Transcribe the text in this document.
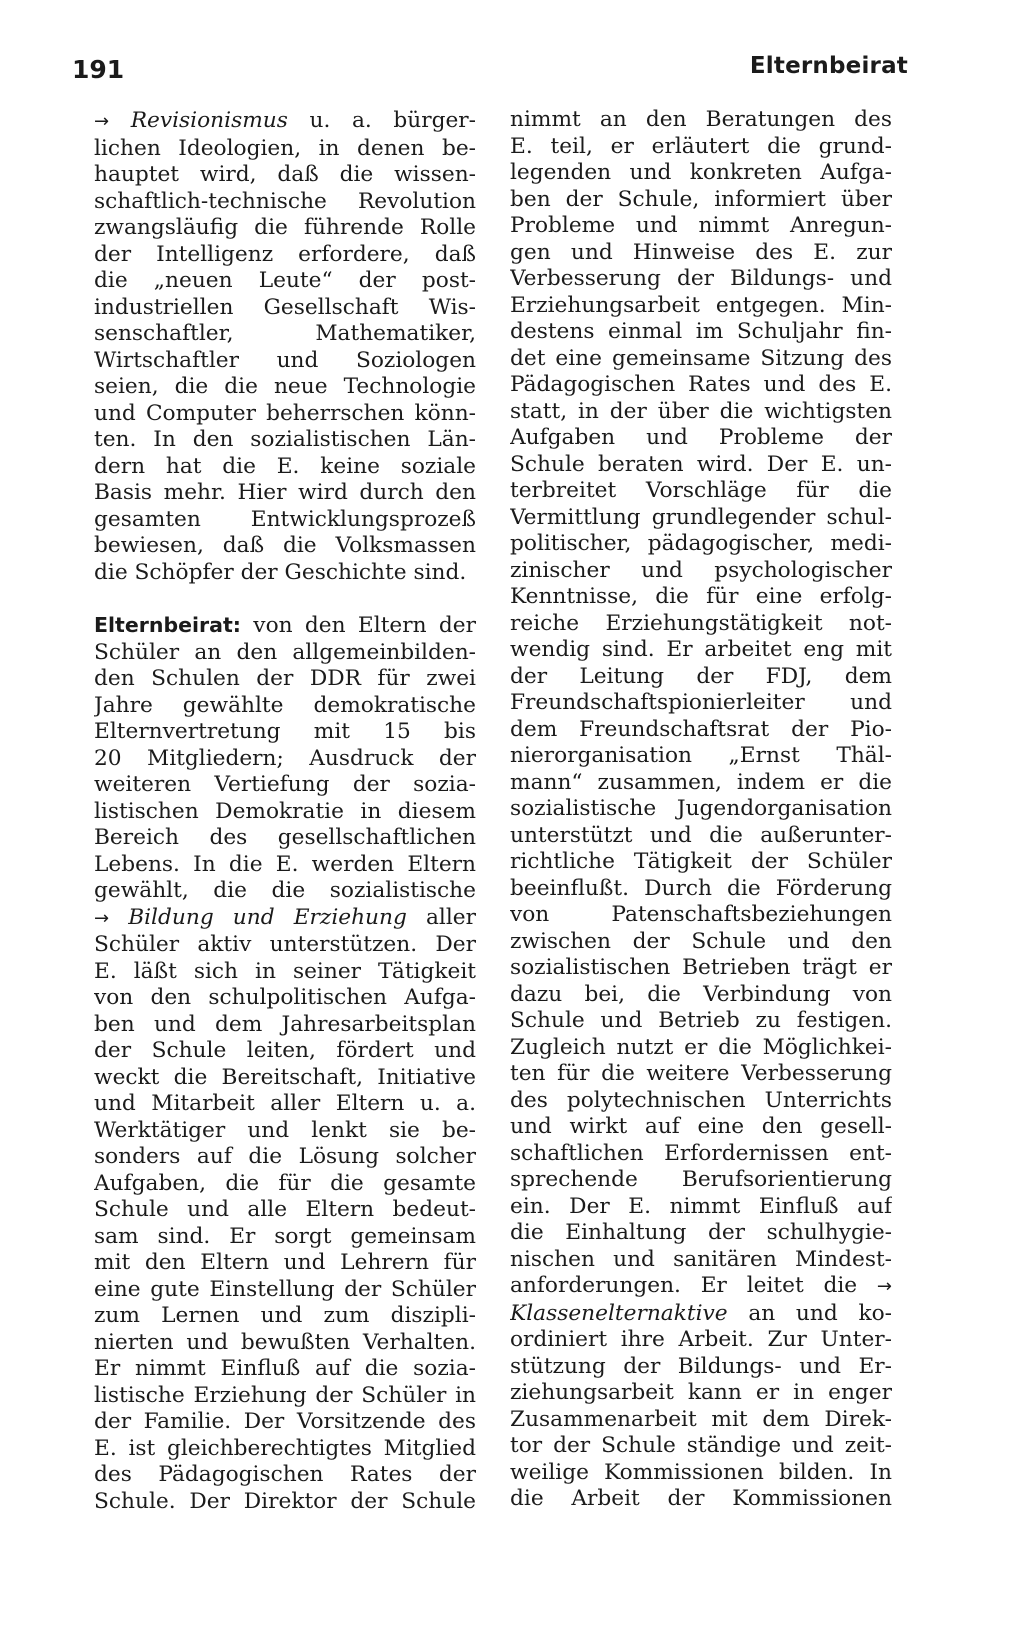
191	Elternbeirat

→ Revisionismus u. a. bürger-
lichen Ideologien, in denen be-
hauptet wird, daß die wissen-
schaftlich-technische Revolution
zwangsläufig die führende Rolle
der Intelligenz erfordere, daß
die „neuen Leute“ der post-
industriellen Gesellschaft Wis-
senschaftler, Mathematiker,
Wirtschaftler und Soziologen
seien, die die neue Technologie
und Computer beherrschen könn-
ten. In den sozialistischen Län-
dern hat die E. keine soziale
Basis mehr. Hier wird durch den
gesamten Entwicklungsprozeß
bewiesen, daß die Volksmassen
die Schöpfer der Geschichte sind.
Elternbeirat: von den Eltern der
Schüler an den allgemeinbilden-
den Schulen der DDR für zwei
Jahre gewählte demokratische
Elternvertretung mit 15 bis
20 Mitgliedern; Ausdruck der
weiteren Vertiefung der sozia-
listischen Demokratie in diesem
Bereich des gesellschaftlichen
Lebens. In die E. werden Eltern
gewählt, die die sozialistische
→ Bildung und Erziehung aller
Schüler aktiv unterstützen. Der
E. läßt sich in seiner Tätigkeit
von den schulpolitischen Aufga-
ben und dem Jahresarbeitsplan
der Schule leiten, fördert und
weckt die Bereitschaft, Initiative
und Mitarbeit aller Eltern u. a.
Werktätiger und lenkt sie be-
sonders auf die Lösung solcher
Aufgaben, die für die gesamte
Schule und alle Eltern bedeut-
sam sind. Er sorgt gemeinsam
mit den Eltern und Lehrern für
eine gute Einstellung der Schüler
zum Lernen und zum diszipli-
nierten und bewußten Verhalten.
Er nimmt Einfluß auf die sozia-
listische Erziehung der Schüler in
der Familie. Der Vorsitzende des
E. ist gleichberechtigtes Mitglied
des Pädagogischen Rates der
Schule. Der Direktor der Schule
nimmt an den Beratungen des
E. teil, er erläutert die grund-
legenden und konkreten Aufga-
ben der Schule, informiert über
Probleme und nimmt Anregun-
gen und Hinweise des E. zur
Verbesserung der Bildungs- und
Erziehungsarbeit entgegen. Min-
destens einmal im Schuljahr fin-
det eine gemeinsame Sitzung des
Pädagogischen Rates und des E.
statt, in der über die wichtigsten
Aufgaben und Probleme der
Schule beraten wird. Der E. un-
terbreitet Vorschläge für die
Vermittlung grundlegender schul-
politischer, pädagogischer, medi-
zinischer und psychologischer
Kenntnisse, die für eine erfolg-
reiche Erziehungstätigkeit not-
wendig sind. Er arbeitet eng mit
der Leitung der FDJ, dem
Freundschaftspionierleiter und
dem Freundschaftsrat der Pio-
nierorganisation „Ernst Thäl-
mann“ zusammen, indem er die
sozialistische Jugendorganisation
unterstützt und die außerunter-
richtliche Tätigkeit der Schüler
beeinflußt. Durch die Förderung
von Patenschaftsbeziehungen
zwischen der Schule und den
sozialistischen Betrieben trägt er
dazu bei, die Verbindung von
Schule und Betrieb zu festigen.
Zugleich nutzt er die Möglichkei-
ten für die weitere Verbesserung
des polytechnischen Unterrichts
und wirkt auf eine den gesell-
schaftlichen Erfordernissen ent-
sprechende Berufsorientierung
ein. Der E. nimmt Einfluß auf
die Einhaltung der schulhygie-
nischen und sanitären Mindest-
anforderungen. Er leitet die →
Klassenelternaktive an und ko-
ordiniert ihre Arbeit. Zur Unter-
stützung der Bildungs- und Er-
ziehungsarbeit kann er in enger
Zusammenarbeit mit dem Direk-
tor der Schule ständige und zeit-
weilige Kommissionen bilden. In
die Arbeit der Kommissionen
